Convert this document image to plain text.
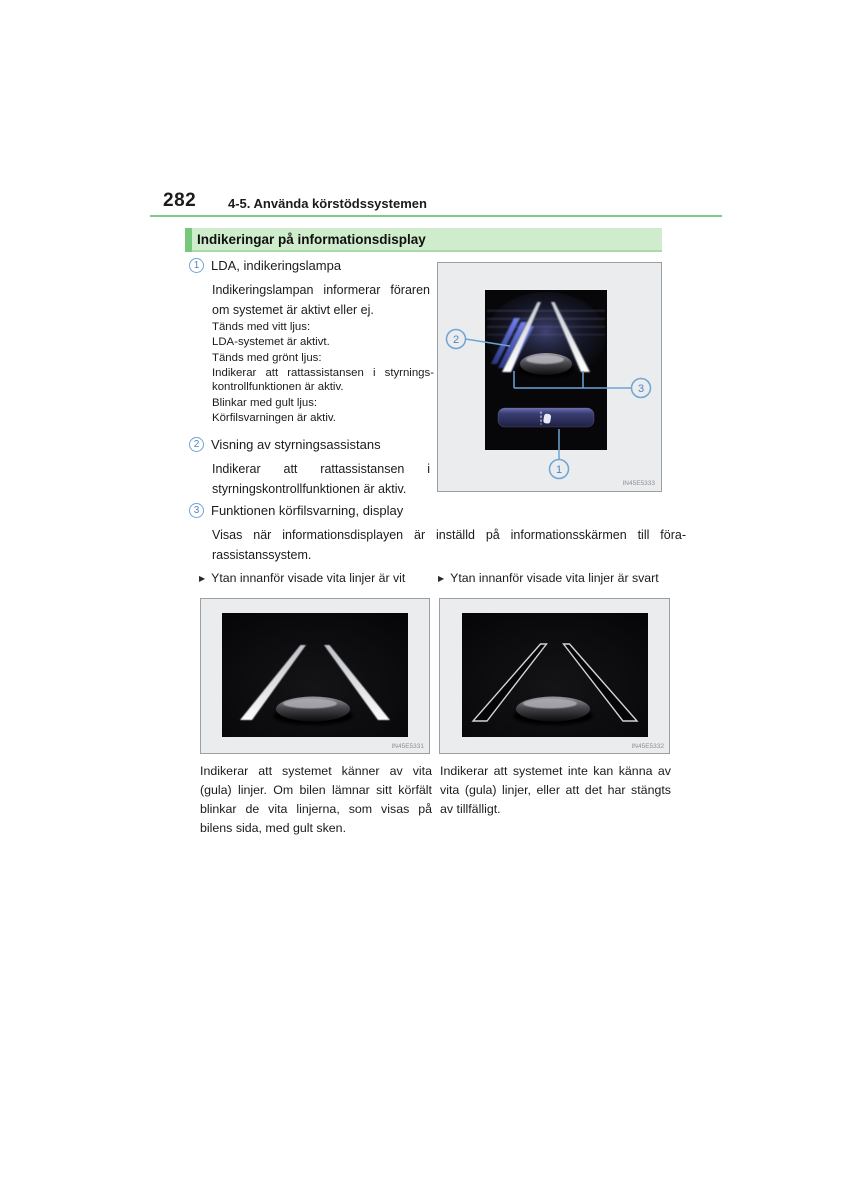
282 4-5. Använda körstödssystemen
Indikeringar på informationsdisplay
1 LDA, indikeringslampa

Indikeringslampan informerar föraren om systemet är aktivt eller ej.

Tänds med vitt ljus:
LDA-systemet är aktivt.
Tänds med grönt ljus:
Indikerar att rattassistansen i styrningskontrollfunktionen är aktiv.
Blinkar med gult ljus:
Körfilsvarningen är aktiv.
2 Visning av styrningsassistans

Indikerar att rattassistansen i styrningskontrollfunktionen är aktiv.

3 Funktionen körfilsvarning, display

Visas när informationsdisplayen är inställd på informationsskärmen till förarassistanssystem.

2
3
1
IN45E5333
▶
Ytan innanför visade vita linjer är vit ▶	Ytan innanför visade vita linjer är svart
IN45E5331	IN45E5332

Indikerar att systemet känner av vita (gula) linjer. Om bilen lämnar sitt körfält blinkar de vita linjerna, som visas på bilens sida, med gult sken.

Indikerar att systemet inte kan känna av vita (gula) linjer, eller att det har stängts av tillfälligt.
